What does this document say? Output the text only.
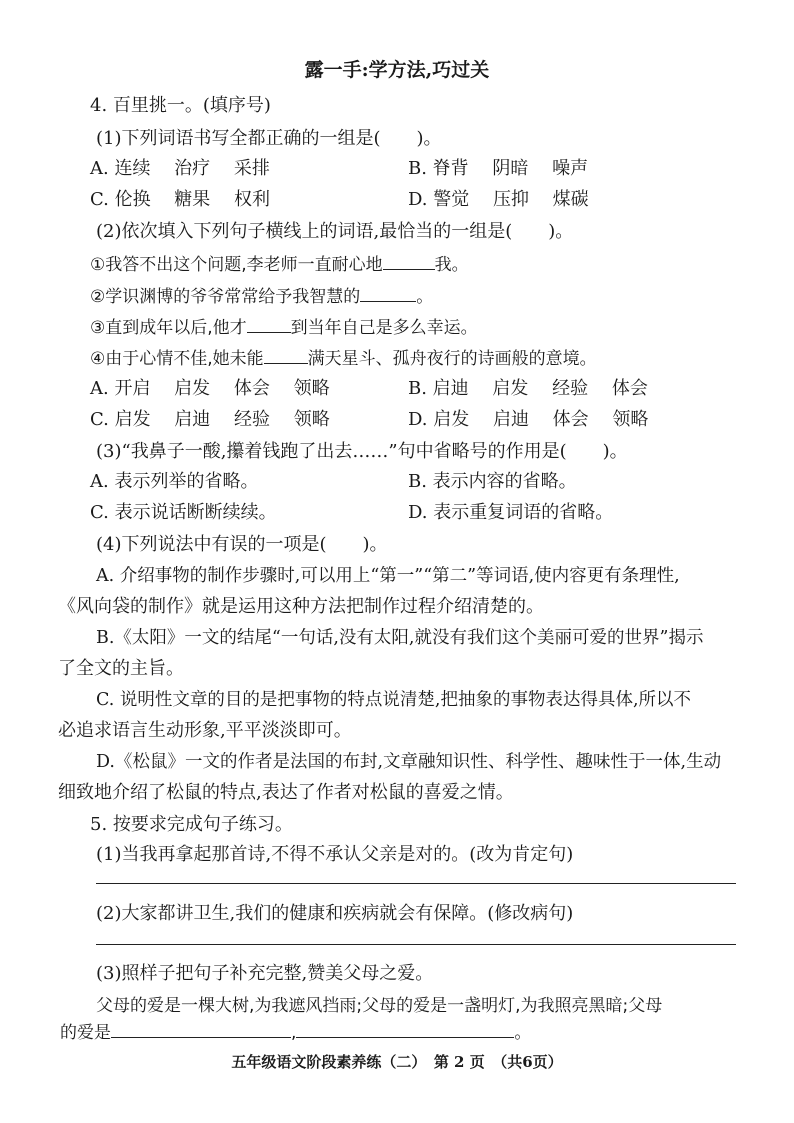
露一手:学方法,巧过关
4. 百里挑一。(填序号)
(1)下列词语书写全都正确的一组是(　　)。
A. 连续　 治疗　 采排	B. 脊背　 阴暗　 噪声
C. 伦换　 糖果　 权利	D. 警觉　 压抑　 煤碳
(2)依次填入下列句子横线上的词语,最恰当的一组是(　　)。
①我答不出这个问题,李老师一直耐心地	我。
②学识渊博的爷爷常常给予我智慧的	。
③直到成年以后,他才	到当年自己是多么幸运。
④由于心情不佳,她未能	满天星斗、孤舟夜行的诗画般的意境。
A. 开启　 启发　 体会　 领略	B. 启迪　 启发　 经验　 体会
C. 启发　 启迪　 经验　 领略	D. 启发　 启迪　 体会　 领略
(3)“我鼻子一酸,攥着钱跑了出去……”句中省略号的作用是(　　)。
A. 表示列举的省略。	B. 表示内容的省略。
C. 表示说话断断续续。	D. 表示重复词语的省略。
(4)下列说法中有误的一项是(　　)。
A. 介绍事物的制作步骤时,可以用上“第一”“第二”等词语,使内容更有条理性,
《风向袋的制作》就是运用这种方法把制作过程介绍清楚的。
B.《太阳》一文的结尾“一句话,没有太阳,就没有我们这个美丽可爱的世界”揭示
了全文的主旨。
C. 说明性文章的目的是把事物的特点说清楚,把抽象的事物表达得具体,所以不
必追求语言生动形象,平平淡淡即可。
D.《松鼠》一文的作者是法国的布封,文章融知识性、科学性、趣味性于一体,生动
细致地介绍了松鼠的特点,表达了作者对松鼠的喜爱之情。
5. 按要求完成句子练习。
(1)当我再拿起那首诗,不得不承认父亲是对的。(改为肯定句)
(2)大家都讲卫生,我们的健康和疾病就会有保障。(修改病句)
(3)照样子把句子补充完整,赞美父母之爱。
父母的爱是一棵大树,为我遮风挡雨;父母的爱是一盏明灯,为我照亮黑暗;父母
的爱是	,	。
五年级语文阶段素养练（二）　第 2 页　（共6页）
